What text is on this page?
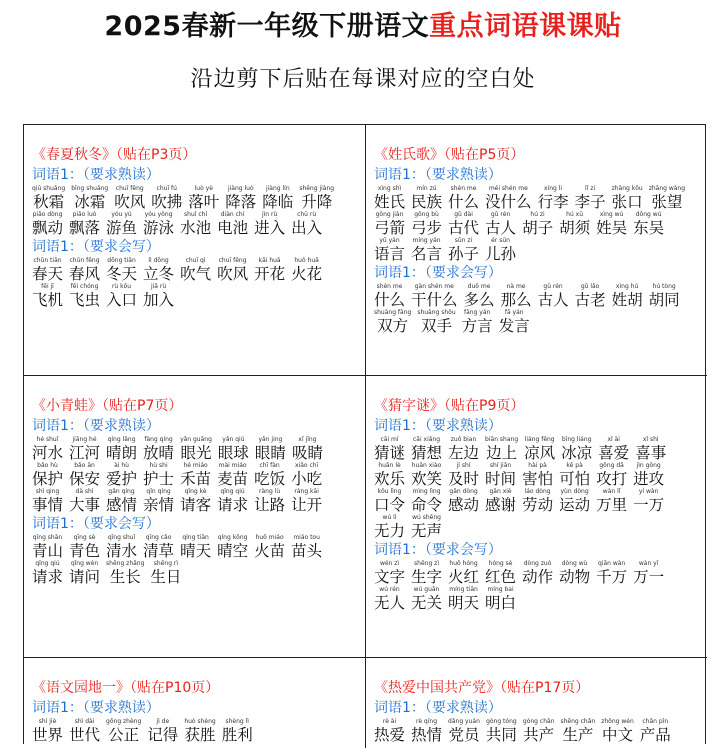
2025春新一年级下册语文重点词语课课贴
沿边剪下后贴在每课对应的空白处
《春夏秋冬》（贴在P3页）
词语1：（要求熟读）
qiū shuāng
秋霜
bīng shuāng
冰霜
chuī fēng
吹风
chuī fú
吹拂
luò yè
落叶
jiàng luò
降落
jiàng lín
降临
shēng jiàng
升降
piāo dòng
飘动
piāo luò
飘落
yóu yú
游鱼
yóu yǒng
游泳
shuǐ chí
水池
diàn chí
电池
jìn rù
进入
chū rù
出入
词语1：（要求会写）
chūn tiān
春天
chūn fēng
春风
dōng tiān
冬天
lì dōng
立冬
chuī qì
吹气
chuī fēng
吹风
kāi huā
开花
huǒ huā
火花
fēi jī
飞机
fēi chóng
飞虫
rù kǒu
入口
jiā rù
加入
《姓氏歌》（贴在P5页）
词语1：（要求熟读）
xìng shì
姓氏
mín zú
民族
shén me
什么
méi shén me
没什么
xíng li
行李
lǐ zi
李子
zhāng kǒu
张口
zhāng wàng
张望
gōng jiàn
弓箭
gōng bù
弓步
gǔ dài
古代
gǔ rén
古人
hú zi
胡子
hú xū
胡须
xìng wú
姓吴
dōng wú
东吴
yǔ yán
语言
míng yán
名言
sūn zi
孙子
ér sūn
儿孙
词语1：（要求会写）
shén me
什么
gàn shén me
干什么
duō me
多么
nà me
那么
gǔ rén
古人
gǔ lǎo
古老
xìng hú
姓胡
hú tòng
胡同
shuāng fāng
双方
shuāng shǒu
双手
fāng yán
方言
fā yán
发言
《小青蛙》（贴在P7页）
词语1：（要求熟读）
hé shuǐ
河水
jiāng hé
江河
qíng lǎng
晴朗
fàng qíng
放晴
yǎn guāng
眼光
yǎn qiú
眼球
yǎn jing
眼睛
xī jīng
吸睛
bǎo hù
保护
bǎo ān
保安
ài hù
爱护
hù shi
护士
hé miáo
禾苗
mài miáo
麦苗
chī fàn
吃饭
xiǎo chī
小吃
shì qing
事情
dà shì
大事
gǎn qíng
感情
qīn qíng
亲情
qǐng kè
请客
qǐng qiú
请求
ràng lù
让路
ràng kāi
让开
词语1：（要求会写）
qīng shān
青山
qīng sè
青色
qīng shuǐ
清水
qīng cǎo
清草
qíng tiān
晴天
qíng kōng
晴空
huǒ miáo
火苗
miáo tou
苗头
qǐng qiú
请求
qǐng wèn
请问
shēng zhǎng
生长
shēng rì
生日
《猜字谜》（贴在P9页）
词语1：（要求熟读）
cāi mí
猜谜
cāi xiǎng
猜想
zuǒ bian
左边
biān shang
边上
liáng fēng
凉风
bīng liáng
冰凉
xǐ ài
喜爱
xǐ shì
喜事
huān lè
欢乐
huān xiào
欢笑
jí shí
及时
shí jiān
时间
hài pà
害怕
kě pà
可怕
gōng dǎ
攻打
jìn gōng
进攻
kǒu lìng
口令
mìng lìng
命令
gǎn dòng
感动
gǎn xiè
感谢
láo dòng
劳动
yùn dòng
运动
wàn lǐ
万里
yí wàn
一万
wú lì
无力
wú shēng
无声
词语1：（要求会写）
wén zì
文字
shēng zì
生字
huǒ hóng
火红
hóng sè
红色
dòng zuò
动作
dòng wù
动物
qiān wàn
千万
wàn yī
万一
wú rén
无人
wú guān
无关
míng tiān
明天
míng bai
明白
《语文园地一》（贴在P10页）
词语1：（要求熟读）
shì jiè
世界
shì dài
世代
gōng zhèng
公正
jì de
记得
huò shèng
获胜
shèng lì
胜利
《热爱中国共产党》（贴在P17页）
词语1：（要求熟读）
rè ài
热爱
rè qíng
热情
dǎng yuán
党员
gòng tóng
共同
gòng chǎn
共产
shēng chǎn
生产
zhōng wén
中文
chǎn pǐn
产品
